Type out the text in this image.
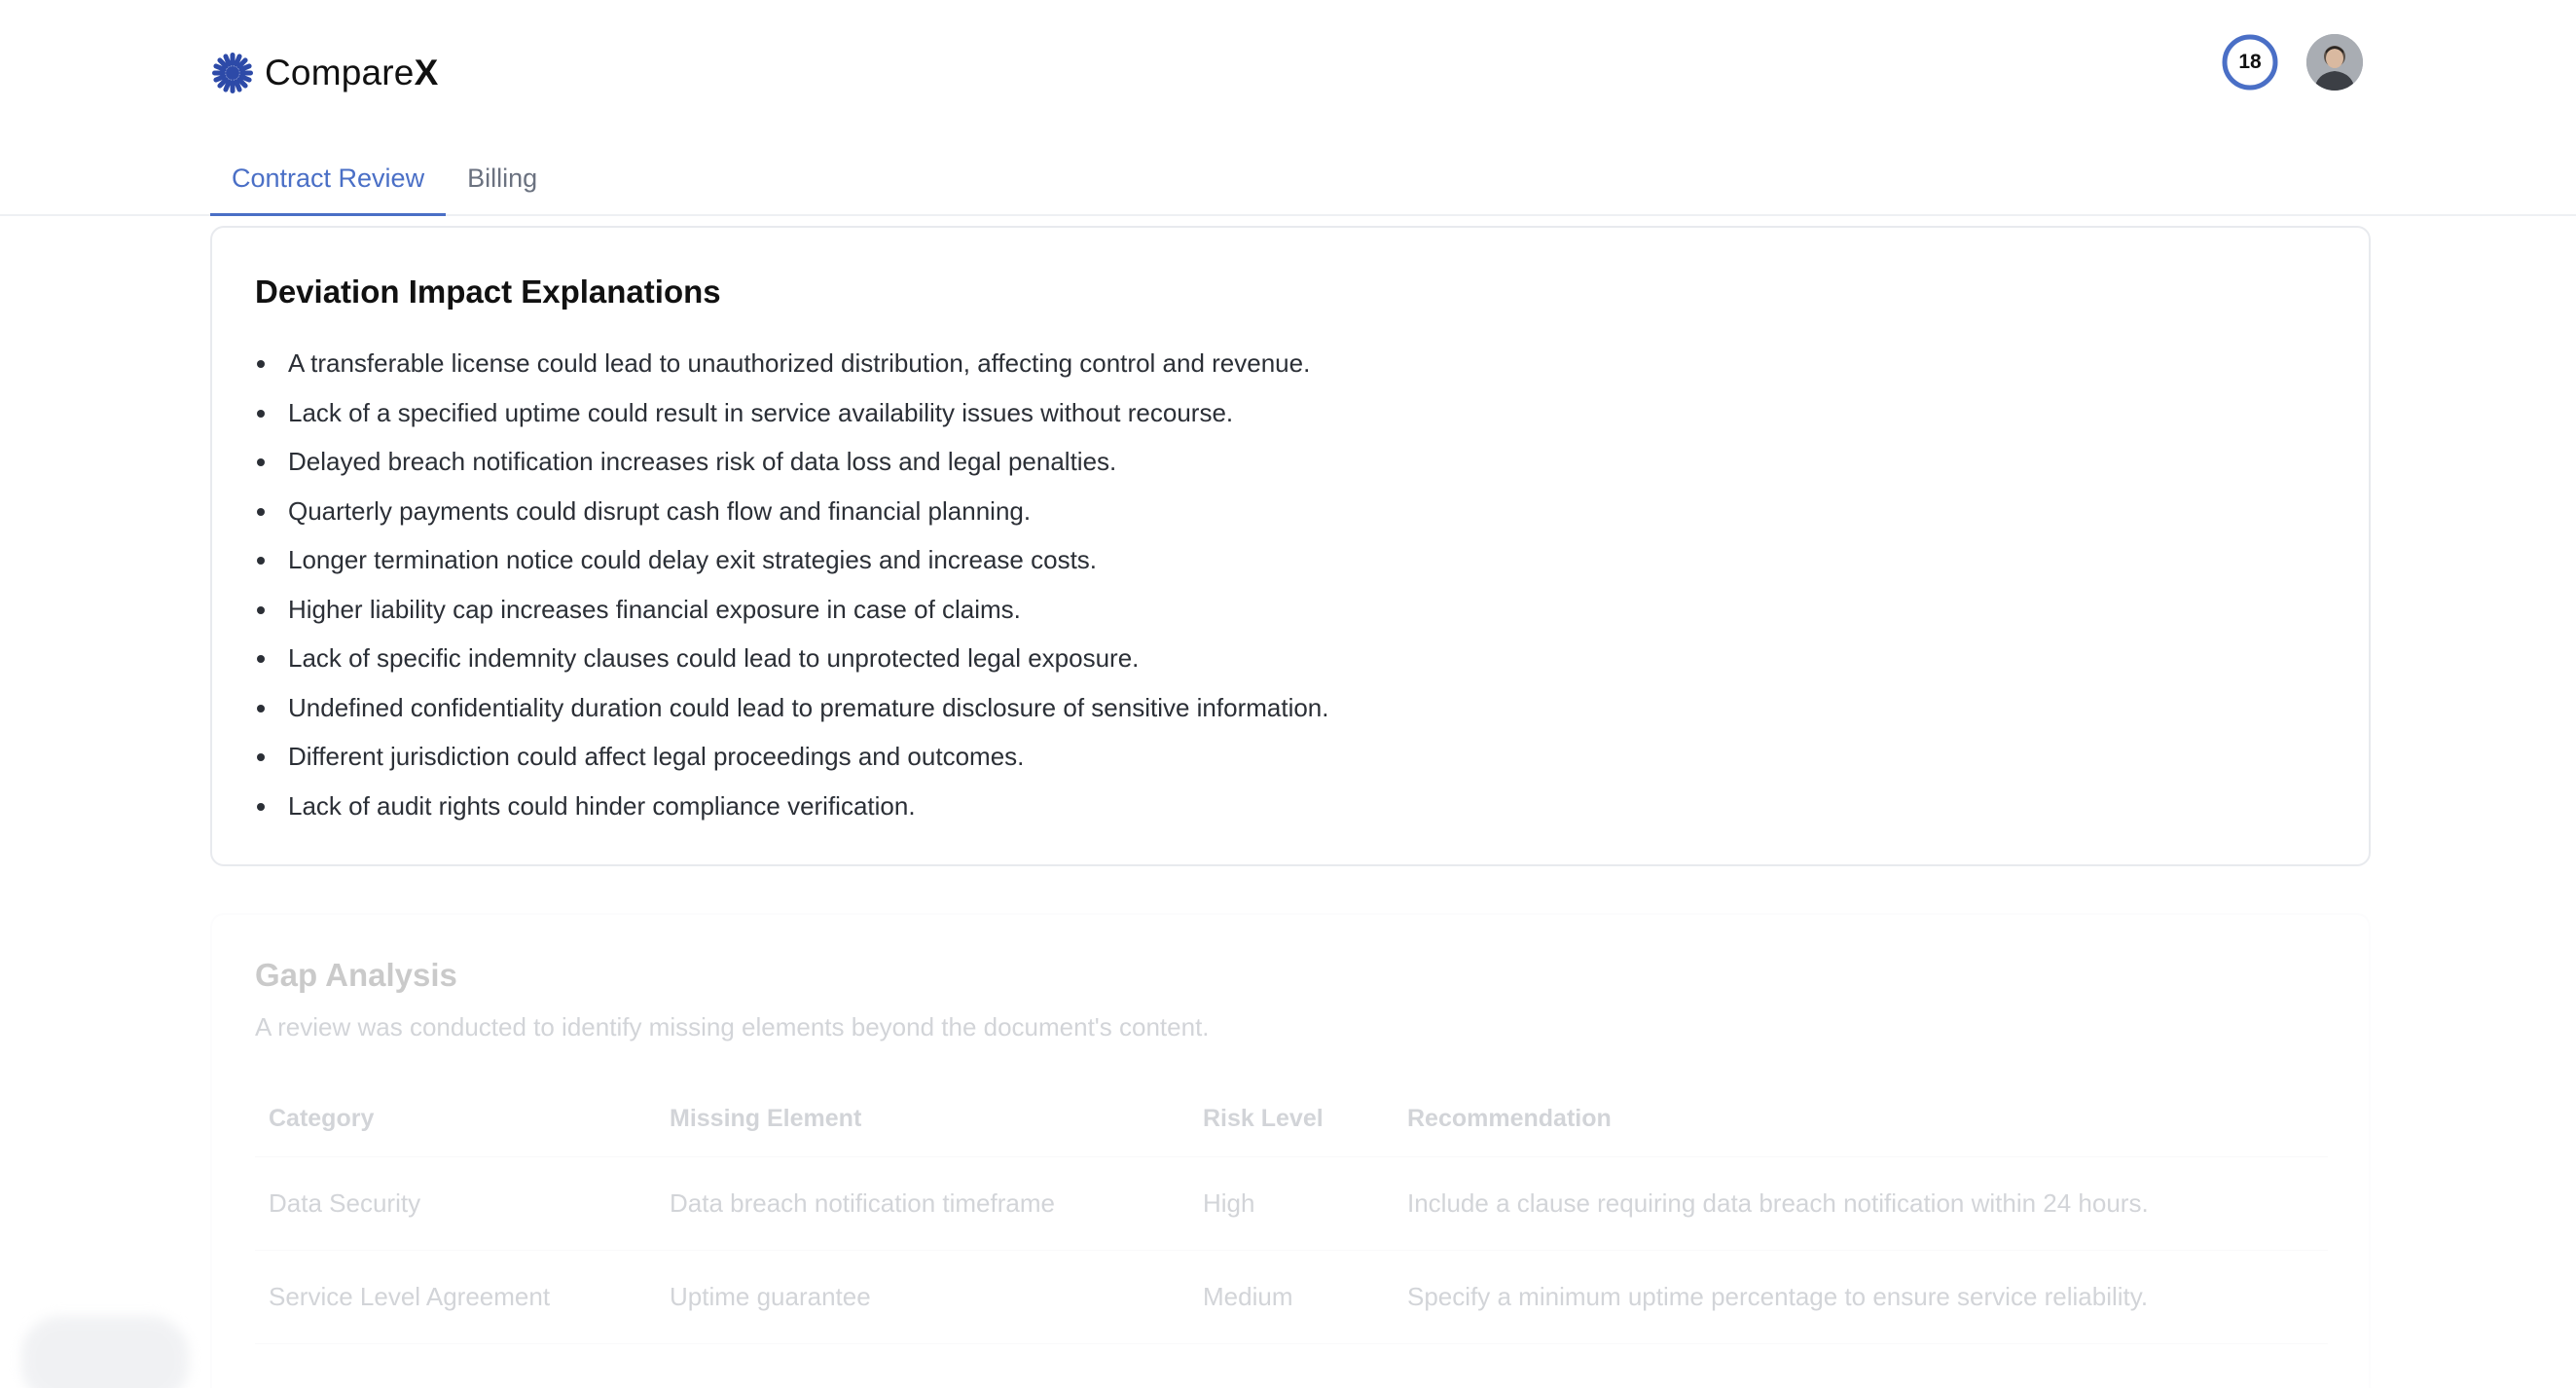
CompareX	18
Contract Review	Billing
Deviation Impact Explanations
A transferable license could lead to unauthorized distribution, affecting control and revenue.
Lack of a specified uptime could result in service availability issues without recourse.
Delayed breach notification increases risk of data loss and legal penalties.
Quarterly payments could disrupt cash flow and financial planning.
Longer termination notice could delay exit strategies and increase costs.
Higher liability cap increases financial exposure in case of claims.
Lack of specific indemnity clauses could lead to unprotected legal exposure.
Undefined confidentiality duration could lead to premature disclosure of sensitive information.
Different jurisdiction could affect legal proceedings and outcomes.
Lack of audit rights could hinder compliance verification.
Gap Analysis

A review was conducted to identify missing elements beyond the document's content.

Category	Missing Element	Risk Level	Recommendation
Data Security	Data breach notification timeframe	High	Include a clause requiring data breach notification within 24 hours.
Service Level Agreement	Uptime guarantee	Medium	Specify a minimum uptime percentage to ensure service reliability.
